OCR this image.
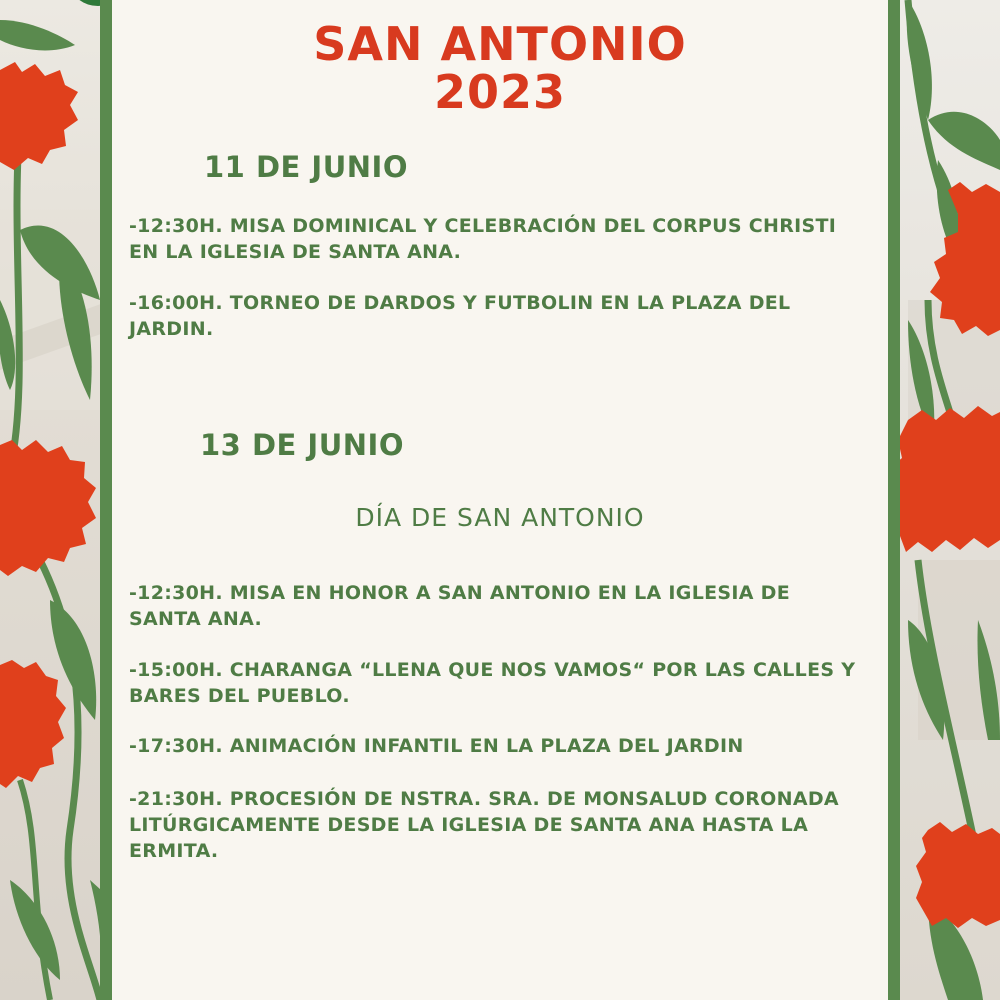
SAN ANTONIO
2023
11 DE JUNIO
-12:30H. MISA DOMINICAL Y CELEBRACIÓN DEL CORPUS CHRISTI EN LA IGLESIA DE SANTA ANA.
-16:00H. TORNEO DE DARDOS Y FUTBOLIN EN LA PLAZA DEL JARDIN.
13 DE JUNIO
DÍA DE SAN ANTONIO
-12:30H. MISA EN HONOR A SAN ANTONIO EN LA IGLESIA DE SANTA ANA.
-15:00H. CHARANGA “LLENA QUE NOS VAMOS“ POR LAS CALLES Y BARES DEL PUEBLO.
-17:30H. ANIMACIÓN INFANTIL EN LA PLAZA DEL JARDIN
-21:30H. PROCESIÓN DE NSTRA. SRA. DE MONSALUD CORONADA LITÚRGICAMENTE DESDE LA IGLESIA DE SANTA ANA HASTA LA ERMITA.
